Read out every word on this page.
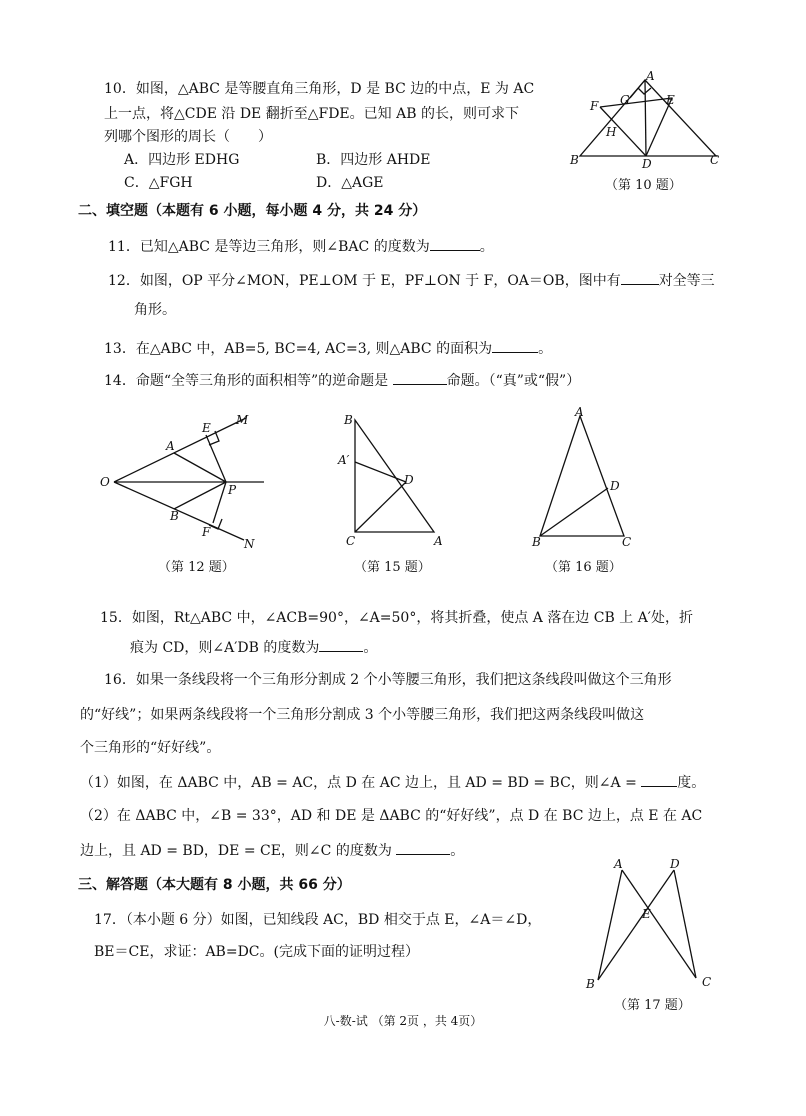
10．如图，△ABC 是等腰直角三角形，D 是 BC 边的中点，E 为 AC
上一点，将△CDE 沿 DE 翻折至△FDE。已知 AB 的长，则可求下
列哪个图形的周长（　　）
A．四边形 EDHG	B．四边形 AHDE
C．△FGH	D．△AGE
A
F G	E
H
B	D	C
（第 10 题）
二、填空题（本题有 6 小题，每小题 4 分，共 24 分）
11．已知△ABC 是等边三角形，则∠BAC 的度数为	。
12．如图，OP 平分∠MON，PE⊥OM 于 E，PF⊥ON 于 F，OA＝OB，图中有	对全等三
角形。
13．在△ABC 中，AB=5, BC=4, AC=3, 则△ABC 的面积为	。
14．命题“全等三角形的面积相等”的逆命题是	命题。（“真”或“假”）
O
A
E
M
P
B
F
N
（第 12 题）
B
A′
D
C	A
（第 15 题）
A
D
B	C
（第 16 题）
15．如图，Rt△ABC 中，∠ACB=90°，∠A=50°，将其折叠，使点 A 落在边 CB 上 A′处，折
痕为 CD，则∠A′DB 的度数为	。
16．如果一条线段将一个三角形分割成 2 个小等腰三角形，我们把这条线段叫做这个三角形
的“好线”；如果两条线段将一个三角形分割成 3 个小等腰三角形，我们把这两条线段叫做这
个三角形的“好好线”。
（1）如图，在 ΔABC 中，AB = AC，点 D 在 AC 边上，且 AD = BD = BC，则∠A =	度。
（2）在 ΔABC 中，∠B = 33°，AD 和 DE 是 ΔABC 的“好好线”，点 D 在 BC 边上，点 E 在 AC
边上，且 AD = BD，DE = CE，则∠C 的度数为	。
三、解答题（本大题有 8 小题，共 66 分）
17．（本小题 6 分）如图，已知线段 AC，BD 相交于点 E，∠A＝∠D，
BE＝CE，求证：AB=DC。(完成下面的证明过程）
A	D
E
B	C
（第 17 题）
八-数-试 （第 2页 ，共 4页）
